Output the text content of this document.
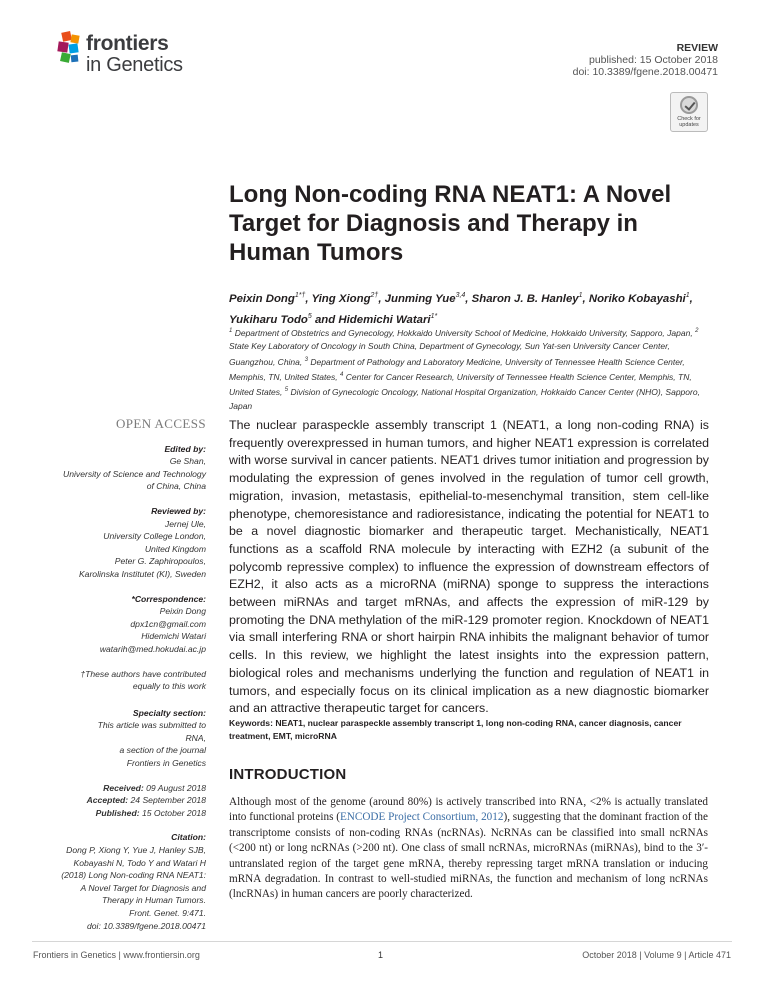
frontiers
in Genetics
REVIEW
published: 15 October 2018
doi: 10.3389/fgene.2018.00471
Check for
updates
Long Non-coding RNA NEAT1: A Novel Target for Diagnosis and Therapy in Human Tumors
Peixin Dong$^{1*\dagger}$, Ying Xiong$^{2\dagger}$, Junming Yue$^{3,4}$, Sharon J. B. Hanley$^1$, Noriko Kobayashi$^1$, Yukiharu Todo$^5$ and Hidemichi Watari$^{1*}$
$^1$ Department of Obstetrics and Gynecology, Hokkaido University School of Medicine, Hokkaido University, Sapporo, Japan, $^2$ State Key Laboratory of Oncology in South China, Department of Gynecology, Sun Yat-sen University Cancer Center, Guangzhou, China, $^3$ Department of Pathology and Laboratory Medicine, University of Tennessee Health Science Center, Memphis, TN, United States, $^4$ Center for Cancer Research, University of Tennessee Health Science Center, Memphis, TN, United States, $^5$ Division of Gynecologic Oncology, National Hospital Organization, Hokkaido Cancer Center (NHO), Sapporo, Japan
OPEN ACCESS
Edited by:
Ge Shan,
University of Science and Technology
of China, China
Reviewed by:
Jernej Ule,
University College London,
United Kingdom
Peter G. Zaphiropoulos,
Karolinska Institutet (KI), Sweden
*Correspondence:
Peixin Dong
dpx1cn@gmail.com
Hidemichi Watari
watarih@med.hokudai.ac.jp
†These authors have contributed
equally to this work
Specialty section:
This article was submitted to
RNA,
a section of the journal
Frontiers in Genetics
Received: 09 August 2018
Accepted: 24 September 2018
Published: 15 October 2018
Citation:
Dong P, Xiong Y, Yue J, Hanley SJB,
Kobayashi N, Todo Y and Watari H
(2018) Long Non-coding RNA NEAT1:
A Novel Target for Diagnosis and
Therapy in Human Tumors.
Front. Genet. 9:471.
doi: 10.3389/fgene.2018.00471
The nuclear paraspeckle assembly transcript 1 (NEAT1, a long non-coding RNA) is frequently overexpressed in human tumors, and higher NEAT1 expression is correlated with worse survival in cancer patients. NEAT1 drives tumor initiation and progression by modulating the expression of genes involved in the regulation of tumor cell growth, migration, invasion, metastasis, epithelial-to-mesenchymal transition, stem cell-like phenotype, chemoresistance and radioresistance, indicating the potential for NEAT1 to be a novel diagnostic biomarker and therapeutic target. Mechanistically, NEAT1 functions as a scaffold RNA molecule by interacting with EZH2 (a subunit of the polycomb repressive complex) to influence the expression of downstream effectors of EZH2, it also acts as a microRNA (miRNA) sponge to suppress the interactions between miRNAs and target mRNAs, and affects the expression of miR-129 by promoting the DNA methylation of the miR-129 promoter region. Knockdown of NEAT1 via small interfering RNA or short hairpin RNA inhibits the malignant behavior of tumor cells. In this review, we highlight the latest insights into the expression pattern, biological roles and mechanisms underlying the function and regulation of NEAT1 in tumors, and especially focus on its clinical implication as a new diagnostic biomarker and an attractive therapeutic target for cancers.
Keywords: NEAT1, nuclear paraspeckle assembly transcript 1, long non-coding RNA, cancer diagnosis, cancer treatment, EMT, microRNA
INTRODUCTION
Although most of the genome (around 80%) is actively transcribed into RNA, <2% is actually translated into functional proteins (ENCODE Project Consortium, 2012), suggesting that the dominant fraction of the transcriptome consists of non-coding RNAs (ncRNAs). NcRNAs can be classified into small ncRNAs (<200 nt) or long ncRNAs (>200 nt). One class of small ncRNAs, microRNAs (miRNAs), bind to the 3′-untranslated region of the target gene mRNA, thereby repressing target mRNA translation or inducing mRNA degradation. In contrast to well-studied miRNAs, the function and mechanism of long ncRNAs (lncRNAs) in human cancers are poorly characterized.
Frontiers in Genetics | www.frontiersin.org	1	October 2018 | Volume 9 | Article 471
